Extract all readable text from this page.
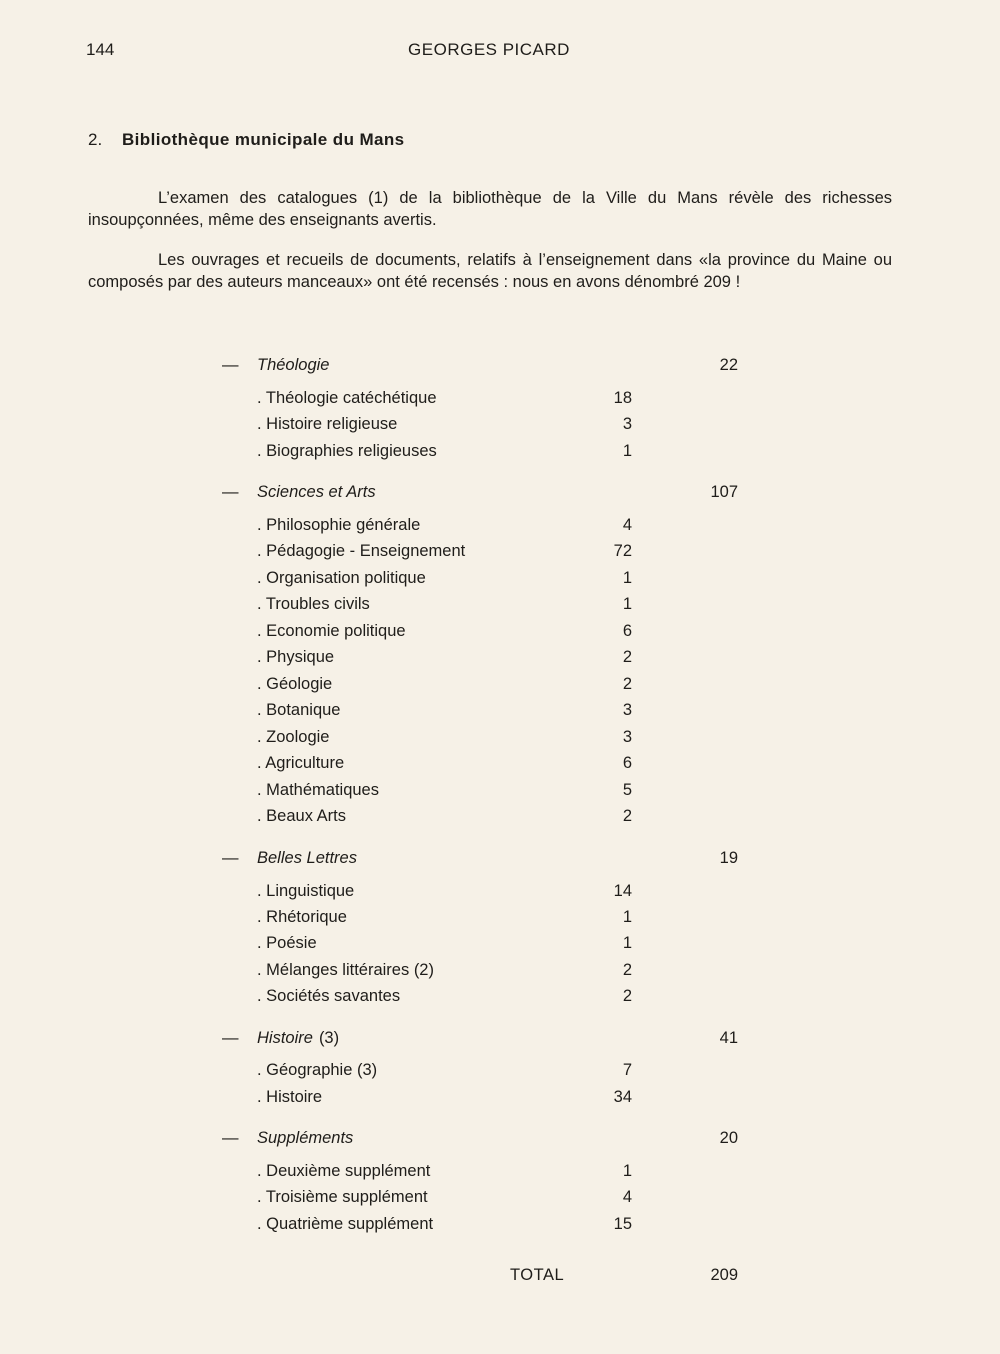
144	GEORGES PICARD
2. Bibliothèque municipale du Mans

L’examen des catalogues (1) de la bibliothèque de la Ville du Mans révèle des richesses insoupçonnées, même des enseignants avertis.

Les ouvrages et recueils de documents, relatifs à l’enseignement dans «la province du Maine ou composés par des auteurs manceaux» ont été recensés : nous en avons dénombré 209 !

— Théologie	22
. Théologie catéchétique	18
. Histoire religieuse	3
. Biographies religieuses	1
— Sciences et Arts	107
. Philosophie générale	4
. Pédagogie - Enseignement	72
. Organisation politique	1
. Troubles civils	1
. Economie politique	6
. Physique	2
. Géologie	2
. Botanique	3
. Zoologie	3
. Agriculture	6
. Mathématiques	5
. Beaux Arts	2
— Belles Lettres	19
. Linguistique	14
. Rhétorique	1
. Poésie	1
. Mélanges littéraires (2)	2
. Sociétés savantes	2
— Histoire (3)	41
. Géographie (3)	7
. Histoire	34
— Suppléments	20
. Deuxième supplément	1
. Troisième supplément	4
. Quatrième supplément	15
TOTAL	209
